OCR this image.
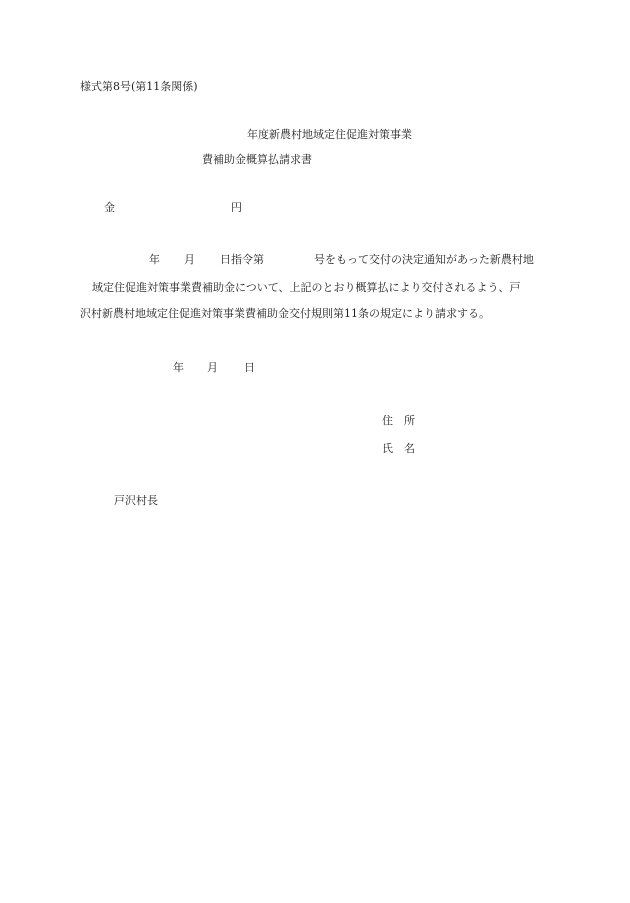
様式第8号(第11条関係)
年度新農村地域定住促進対策事業
費補助金概算払請求書
金	円
年 月 日指令第	号をもって交付の決定通知があった新農村地
域定住促進対策事業費補助金について、上記のとおり概算払により交付されるよう、戸
沢村新農村地域定住促進対策事業費補助金交付規則第11条の規定により請求する。
年 月 日
住　所
氏　名
戸沢村長
